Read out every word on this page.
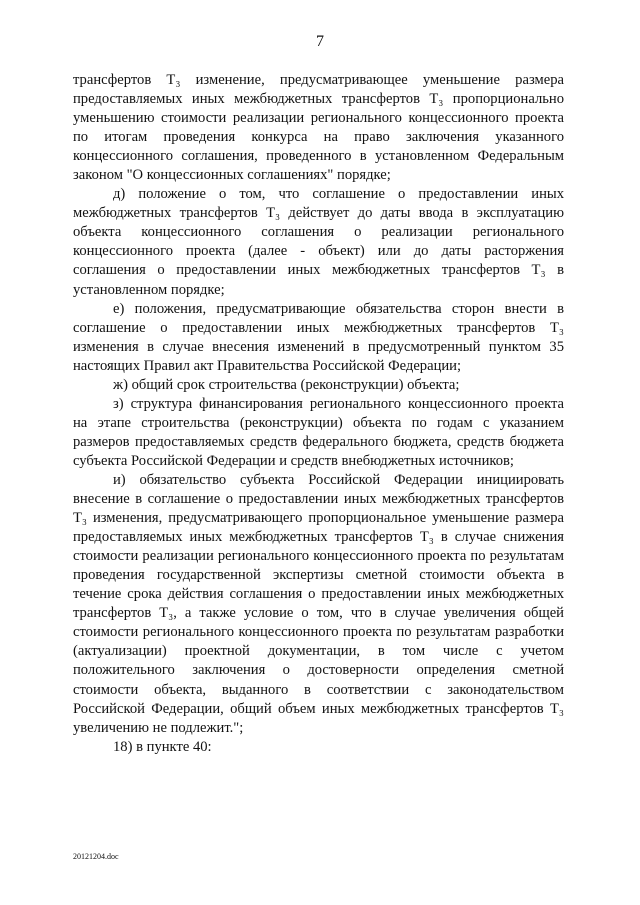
7

трансфертов Т₃ изменение, предусматривающее уменьшение размера предоставляемых иных межбюджетных трансфертов Т₃ пропорционально уменьшению стоимости реализации регионального концессионного проекта по итогам проведения конкурса на право заключения указанного концессионного соглашения, проведенного в установленном Федеральным законом "О концессионных соглашениях" порядке;

д) положение о том, что соглашение о предоставлении иных межбюджетных трансфертов Т₃ действует до даты ввода в эксплуатацию объекта концессионного соглашения о реализации регионального концессионного проекта (далее - объект) или до даты расторжения соглашения о предоставлении иных межбюджетных трансфертов Т₃ в установленном порядке;

е) положения, предусматривающие обязательства сторон внести в соглашение о предоставлении иных межбюджетных трансфертов Т₃ изменения в случае внесения изменений в предусмотренный пунктом 35 настоящих Правил акт Правительства Российской Федерации;

ж) общий срок строительства (реконструкции) объекта;

з) структура финансирования регионального концессионного проекта на этапе строительства (реконструкции) объекта по годам с указанием размеров предоставляемых средств федерального бюджета, средств бюджета субъекта Российской Федерации и средств внебюджетных источников;

и) обязательство субъекта Российской Федерации инициировать внесение в соглашение о предоставлении иных межбюджетных трансфертов Т₃ изменения, предусматривающего пропорциональное уменьшение размера предоставляемых иных межбюджетных трансфертов Т₃ в случае снижения стоимости реализации регионального концессионного проекта по результатам проведения государственной экспертизы сметной стоимости объекта в течение срока действия соглашения о предоставлении иных межбюджетных трансфертов Т₃, а также условие о том, что в случае увеличения общей стоимости регионального концессионного проекта по результатам разработки (актуализации) проектной документации, в том числе с учетом положительного заключения о достоверности определения сметной стоимости объекта, выданного в соответствии с законодательством Российской Федерации, общий объем иных межбюджетных трансфертов Т₃ увеличению не подлежит.";

18) в пункте 40:

20121204.doc
